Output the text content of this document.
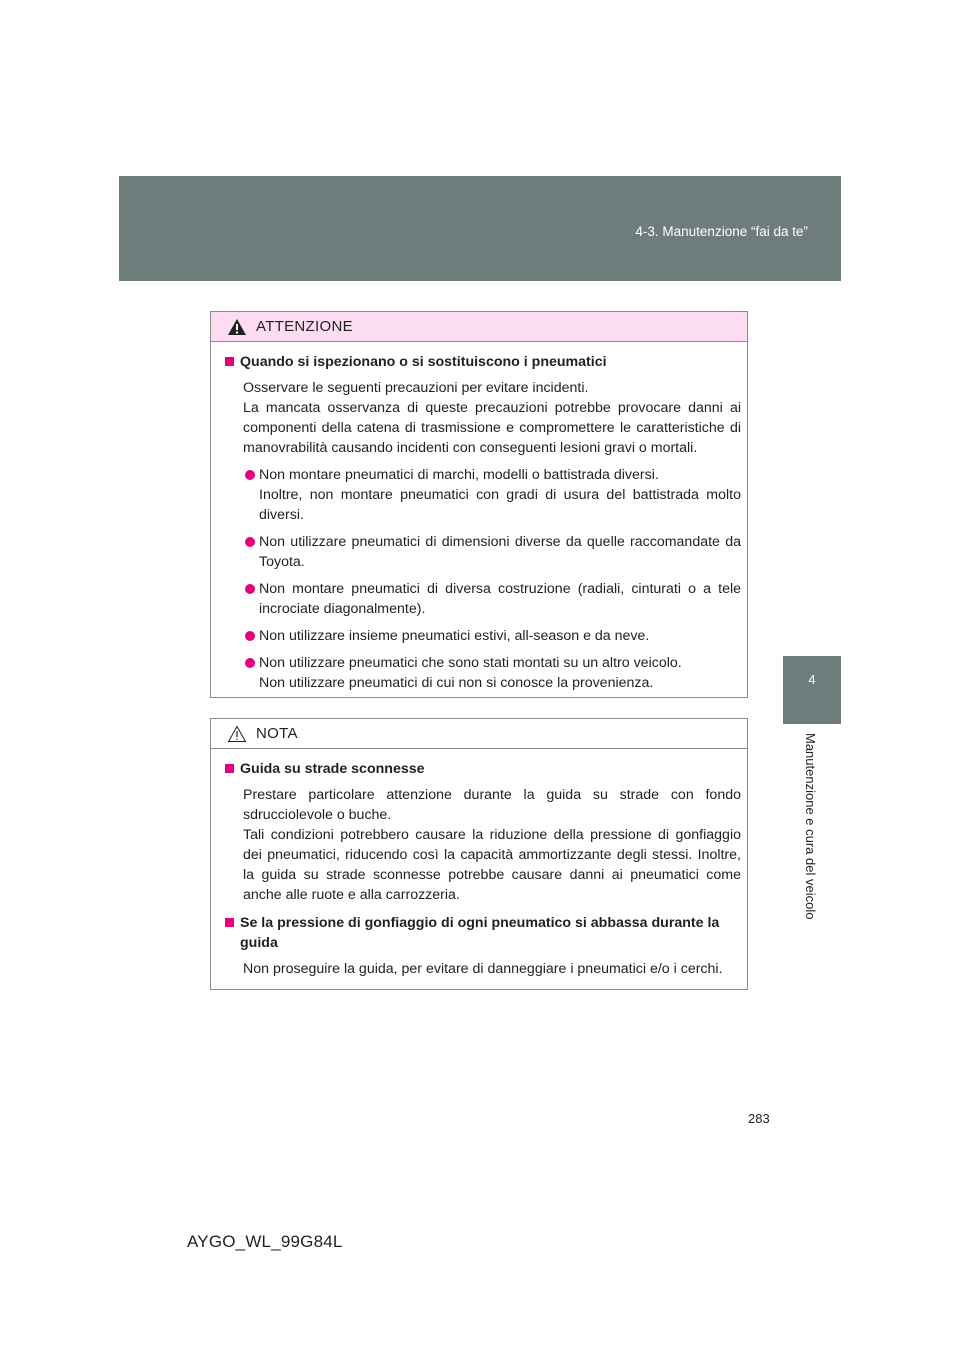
4-3. Manutenzione “fai da te”
4
Manutenzione e cura del veicolo
ATTENZIONE
Quando si ispezionano o si sostituiscono i pneumatici
Osservare le seguenti precauzioni per evitare incidenti.
La mancata osservanza di queste precauzioni potrebbe provocare danni ai componenti della catena di trasmissione e compromettere le caratteristiche di manovrabilità causando incidenti con conseguenti lesioni gravi o mortali.
Non montare pneumatici di marchi, modelli o battistrada diversi.
Inoltre, non montare pneumatici con gradi di usura del battistrada molto diversi.
Non utilizzare pneumatici di dimensioni diverse da quelle raccomandate da Toyota.
Non montare pneumatici di diversa costruzione (radiali, cinturati o a tele incrociate diagonalmente).
Non utilizzare insieme pneumatici estivi, all-season e da neve.
Non utilizzare pneumatici che sono stati montati su un altro veicolo.
Non utilizzare pneumatici di cui non si conosce la provenienza.
NOTA
Guida su strade sconnesse
Prestare particolare attenzione durante la guida su strade con fondo sdrucciolevole o buche.
Tali condizioni potrebbero causare la riduzione della pressione di gonfiaggio dei pneumatici, riducendo così la capacità ammortizzante degli stessi. Inoltre, la guida su strade sconnesse potrebbe causare danni ai pneumatici come anche alle ruote e alla carrozzeria.
Se la pressione di gonfiaggio di ogni pneumatico si abbassa durante la guida
Non proseguire la guida, per evitare di danneggiare i pneumatici e/o i cerchi.
283
AYGO_WL_99G84L
